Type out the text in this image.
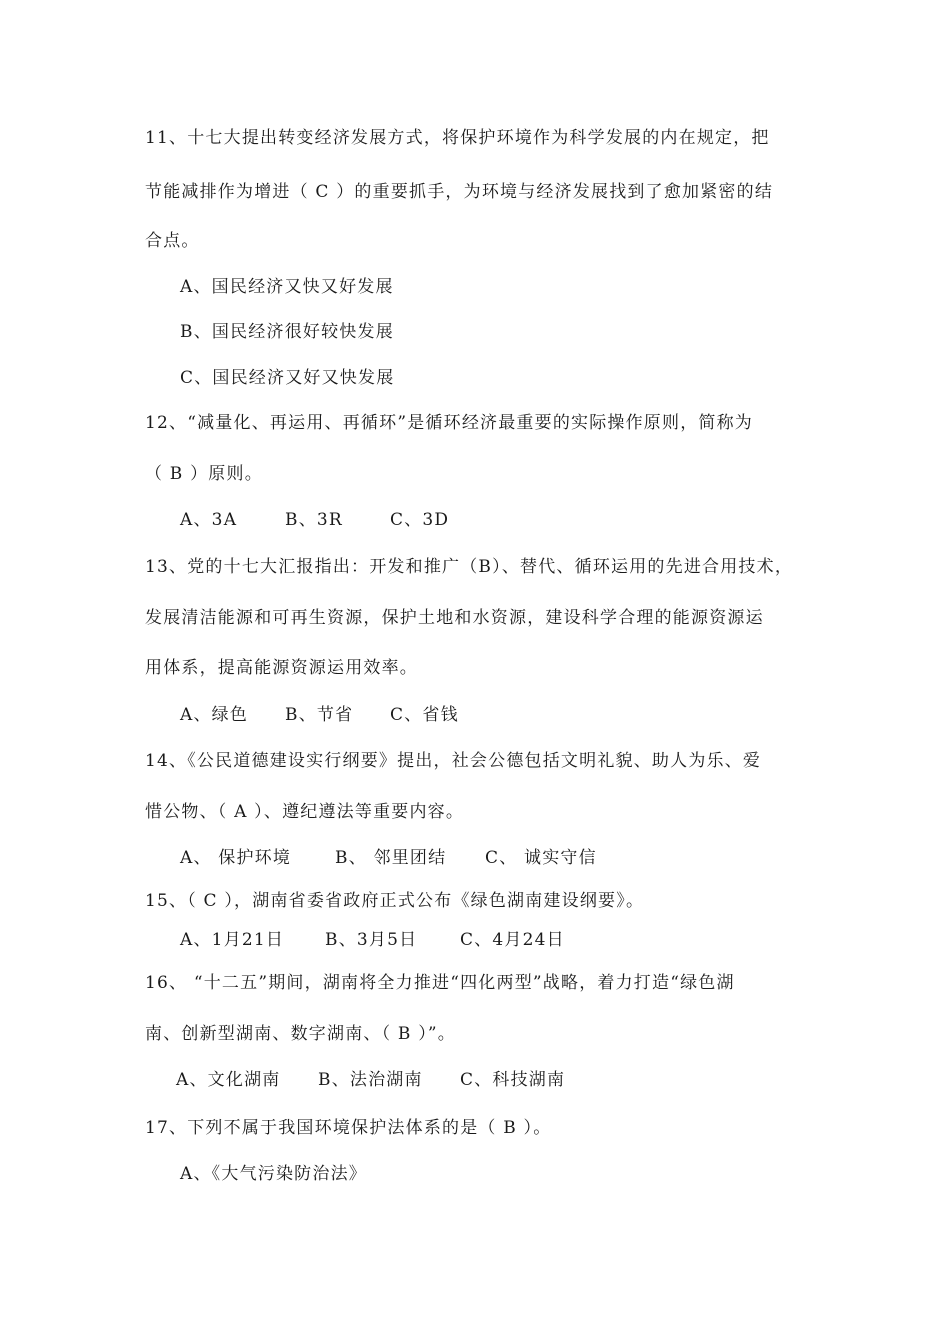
11、十七大提出转变经济发展方式，将保护环境作为科学发展的内在规定，把
节能减排作为增进（ C ）的重要抓手，为环境与经济发展找到了愈加紧密的结
合点。
A、国民经济又快又好发展
B、国民经济很好较快发展
C、国民经济又好又快发展
12、“减量化、再运用、再循环”是循环经济最重要的实际操作原则，简称为
（ B ）原则。
A、3A	B、3R	C、3D
13、党的十七大汇报指出：开发和推广（B）、替代、循环运用的先进合用技术，
发展清洁能源和可再生资源，保护土地和水资源，建设科学合理的能源资源运
用体系，提高能源资源运用效率。
A、绿色	B、节省	C、省钱
14、《公民道德建设实行纲要》提出，社会公德包括文明礼貌、助人为乐、爱
惜公物、（ A ）、遵纪遵法等重要内容。
A、 保护环境	B、 邻里团结	C、 诚实守信
15、（ C ），湖南省委省政府正式公布《绿色湖南建设纲要》。
A、1月21日	B、3月5日	C、4月24日
16、 “十二五”期间，湖南将全力推进“四化两型”战略，着力打造“绿色湖
南、创新型湖南、数字湖南、（ B ）”。
A、文化湖南	B、法治湖南	C、科技湖南
17、下列不属于我国环境保护法体系的是（ B ）。
A、《大气污染防治法》
